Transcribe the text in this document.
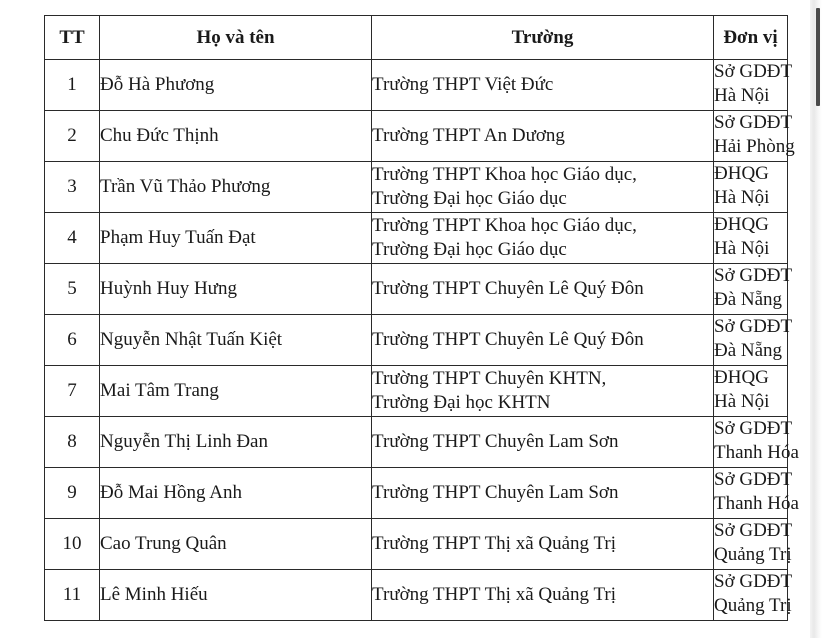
TT	Họ và tên	Trường	Đơn vị
1	Đỗ Hà Phương	Trường THPT Việt Đức	Sở GDĐT
Hà Nội

2	Chu Đức Thịnh	Trường THPT An Dương	Sở GDĐT
Hải Phòng

3	Trần Vũ Thảo Phương	Trường THPT Khoa học Giáo dục,
Trường Đại học Giáo dục	ĐHQG
Hà Nội

4	Phạm Huy Tuấn Đạt	Trường THPT Khoa học Giáo dục,
Trường Đại học Giáo dục	ĐHQG
Hà Nội

5	Huỳnh Huy Hưng	Trường THPT Chuyên Lê Quý Đôn	Sở GDĐT
Đà Nẵng

6	Nguyễn Nhật Tuấn Kiệt	Trường THPT Chuyên Lê Quý Đôn	Sở GDĐT
Đà Nẵng

7	Mai Tâm Trang	Trường THPT Chuyên KHTN,
Trường Đại học KHTN	ĐHQG
Hà Nội

8	Nguyễn Thị Linh Đan	Trường THPT Chuyên Lam Sơn	Sở GDĐT
Thanh Hóa

9	Đỗ Mai Hồng Anh	Trường THPT Chuyên Lam Sơn	Sở GDĐT
Thanh Hóa

10	Cao Trung Quân	Trường THPT Thị xã Quảng Trị	Sở GDĐT
Quảng Trị

11	Lê Minh Hiếu	Trường THPT Thị xã Quảng Trị	Sở GDĐT
Quảng Trị
